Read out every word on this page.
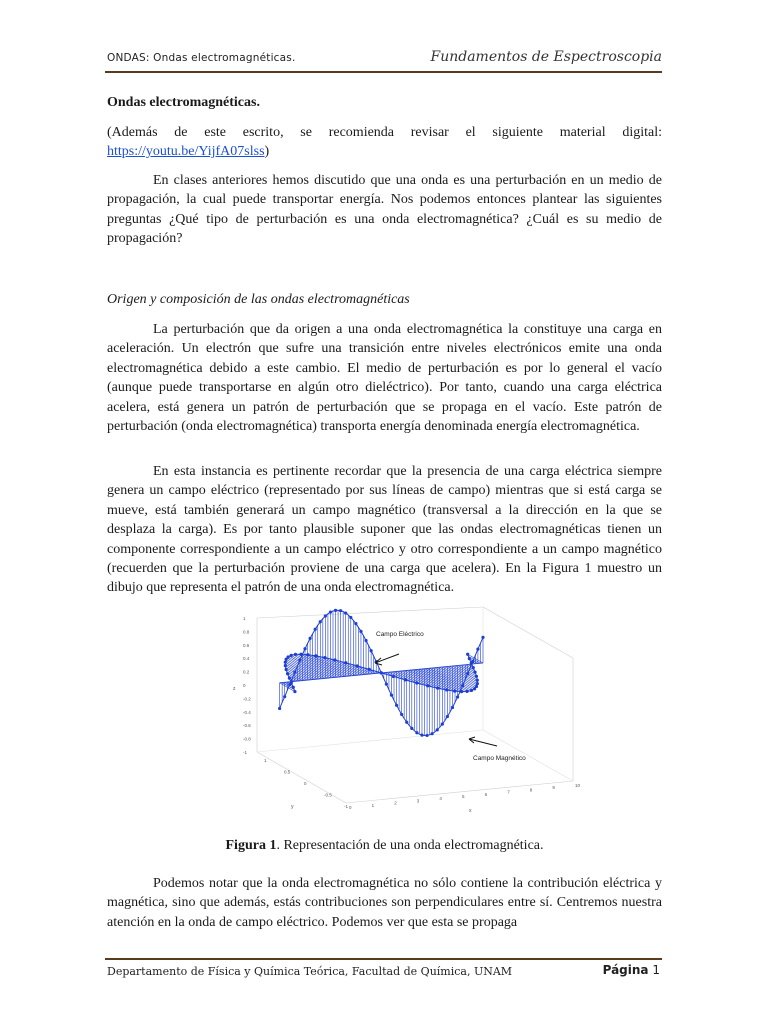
ONDAS: Ondas electromagnéticas.	Fundamentos de Espectroscopia

Ondas electromagnéticas.

(Además de este escrito, se recomienda revisar el siguiente material digital: https://youtu.be/YijfA07slss)

En clases anteriores hemos discutido que una onda es una perturbación en un medio de propagación, la cual puede transportar energía. Nos podemos entonces plantear las siguientes preguntas ¿Qué tipo de perturbación es una onda electromagnética? ¿Cuál es su medio de propagación?

Origen y composición de las ondas electromagnéticas

La perturbación que da origen a una onda electromagnética la constituye una carga en aceleración. Un electrón que sufre una transición entre niveles electrónicos emite una onda electromagnética debido a este cambio. El medio de perturbación es por lo general el vacío (aunque puede transportarse en algún otro dieléctrico). Por tanto, cuando una carga eléctrica acelera, está genera un patrón de perturbación que se propaga en el vacío. Este patrón de perturbación (onda electromagnética) transporta energía denominada energía electromagnética.

En esta instancia es pertinente recordar que la presencia de una carga eléctrica siempre genera un campo eléctrico (representado por sus líneas de campo) mientras que si está carga se mueve, está también generará un campo magnético (transversal a la dirección en la que se desplaza la carga). Es por tanto plausible suponer que las ondas electromagnéticas tienen un componente correspondiente a un campo eléctrico y otro correspondiente a un campo magnético (recuerden que la perturbación proviene de una carga que acelera). En la Figura 1 muestro un dibujo que representa el patrón de una onda electromagnética.

1
0.8
0.6
0.4
0.2
0
-0.2
-0.4
-0.6
-0.8
-1
1
0.5
0
-0.5
-1 0	1	2	3	4	5	6	7	8	9	10
z
y
x
Campo Eléctrico
Campo Magnético
Figura 1. Representación de una onda electromagnética.

Podemos notar que la onda electromagnética no sólo contiene la contribución eléctrica y magnética, sino que además, estás contribuciones son perpendiculares entre sí. Centremos nuestra atención en la onda de campo eléctrico. Podemos ver que esta se propaga

Departamento de Física y Química Teórica, Facultad de Química, UNAM	Página 1
